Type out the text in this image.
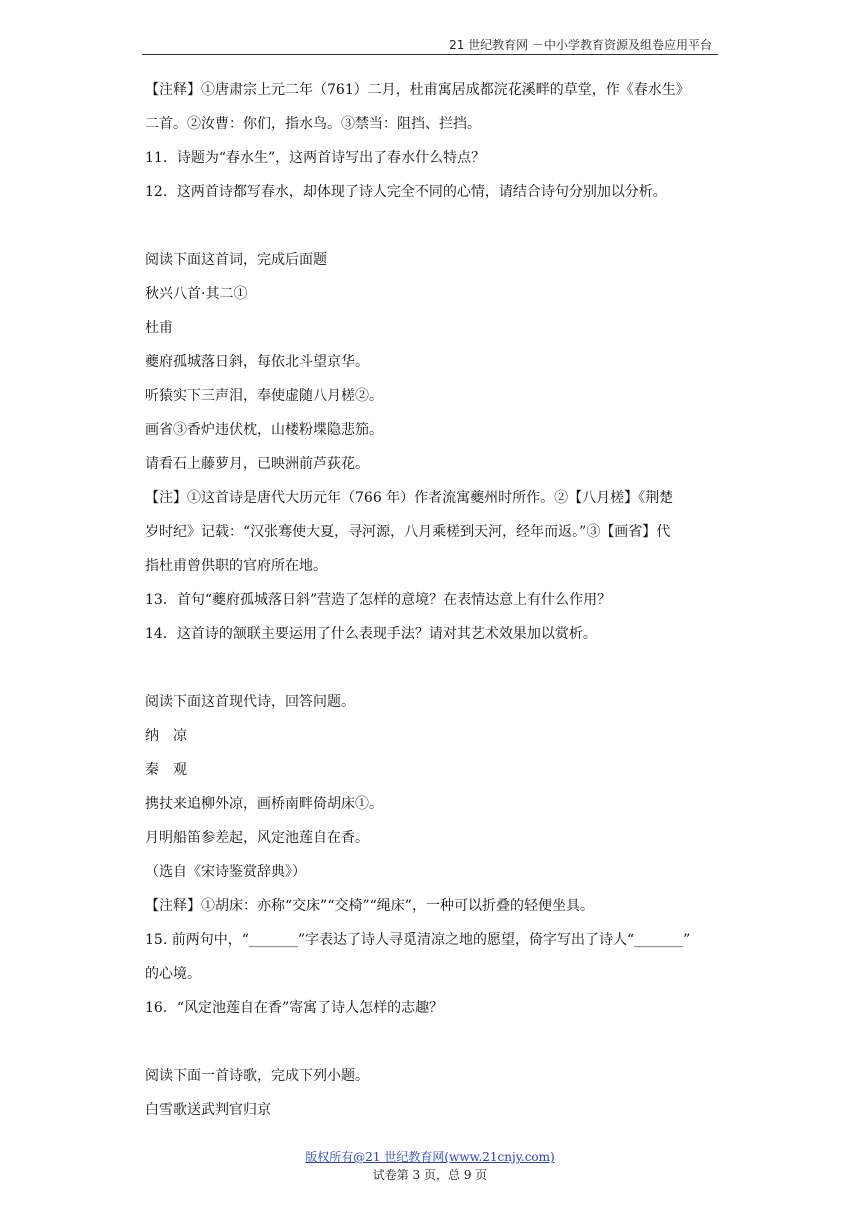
21 世纪教育网 －中小学教育资源及组卷应用平台
【注释】①唐肃宗上元二年（761）二月，杜甫寓居成都浣花溪畔的草堂，作《春水生》
二首。②汝曹：你们，指水鸟。③禁当：阻挡、拦挡。
11．诗题为“春水生”，这两首诗写出了春水什么特点？
12．这两首诗都写春水，却体现了诗人完全不同的心情，请结合诗句分别加以分析。
阅读下面这首词，完成后面题
秋兴八首·其二①
杜甫
夔府孤城落日斜，每依北斗望京华。
听猿实下三声泪，奉使虚随八月槎②。
画省③香炉违伏枕，山楼粉堞隐悲笳。
请看石上藤萝月，已映洲前芦荻花。
【注】①这首诗是唐代大历元年（766 年）作者流寓夔州时所作。②【八月槎】《荆楚
岁时纪》记载：“汉张骞使大夏，寻河源，八月乘槎到天河，经年而返。”③【画省】代
指杜甫曾供职的官府所在地。
13．首句“夔府孤城落日斜”营造了怎样的意境？在表情达意上有什么作用？
14．这首诗的颔联主要运用了什么表现手法？请对其艺术效果加以赏析。
阅读下面这首现代诗，回答问题。
纳　凉
秦　观
携扙来追柳外凉，画桥南畔倚胡床①。
月明船笛参差起，风定池莲自在香。
（选自《宋诗鉴赏辞典》）
【注释】①胡床：亦称“交床”“交椅”“绳床”，一种可以折叠的轻便坐具。
15. 前两句中，“_______”字表达了诗人寻觅清凉之地的愿望，倚字写出了诗人“_______”
的心境。
16．“风定池莲自在香”寄寓了诗人怎样的志趣？
阅读下面一首诗歌，完成下列小题。
白雪歌送武判官归京
版权所有@21 世纪教育网(www.21cnjy.com)
试卷第 3 页，总 9 页
